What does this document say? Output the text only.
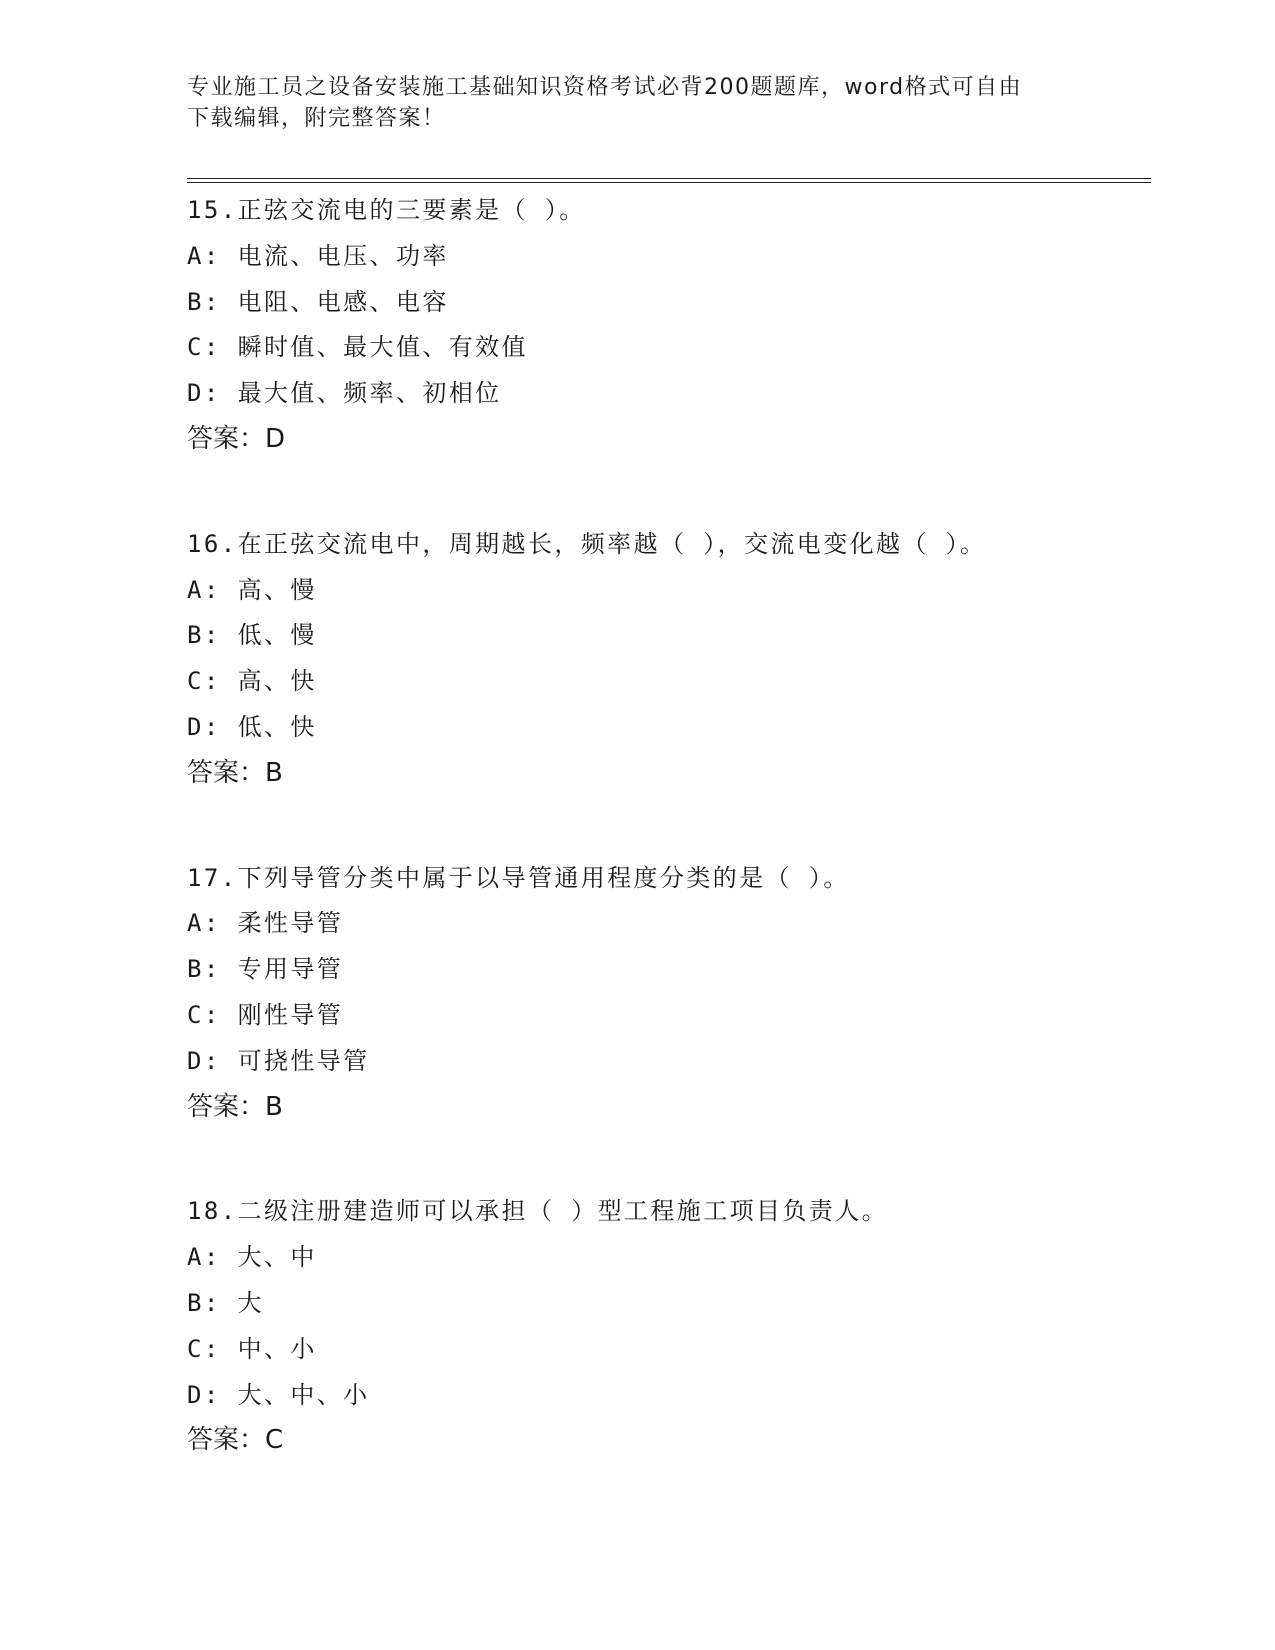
专业施工员之设备安装施工基础知识资格考试必背200题题库，word格式可自由
下载编辑，附完整答案！
15.正弦交流电的三要素是（ ）。
A: 电流、电压、功率
B: 电阻、电感、电容
C: 瞬时值、最大值、有效值
D: 最大值、频率、初相位
答案：D
16.在正弦交流电中，周期越长，频率越（ ），交流电变化越（ ）。
A: 高、慢
B: 低、慢
C: 高、快
D: 低、快
答案：B
17.下列导管分类中属于以导管通用程度分类的是（ ）。
A: 柔性导管
B: 专用导管
C: 刚性导管
D: 可挠性导管
答案：B
18.二级注册建造师可以承担（ ）型工程施工项目负责人。
A: 大、中
B: 大
C: 中、小
D: 大、中、小
答案：C
